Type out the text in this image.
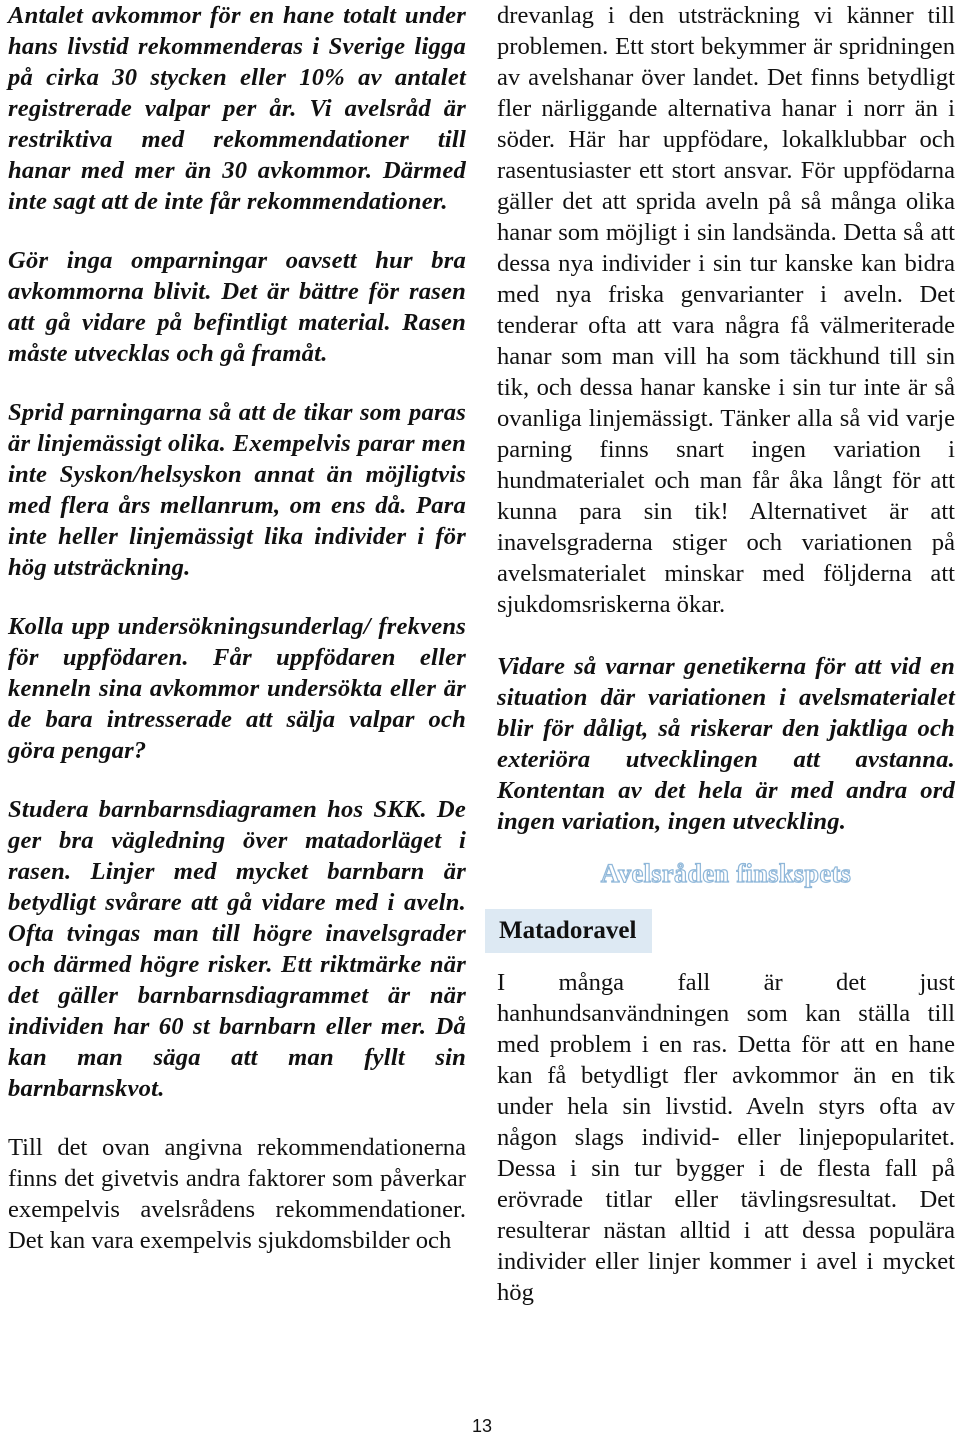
Antalet avkommor för en hane totalt under hans livstid rekommenderas i Sverige ligga på cirka 30 stycken eller 10% av antalet registrerade valpar per år. Vi avelsråd är restriktiva med rekommendationer till hanar med mer än 30 avkommor. Därmed inte sagt att de inte får rekommendationer.

Gör inga omparningar oavsett hur bra avkommorna blivit. Det är bättre för rasen att gå vidare på befintligt material. Rasen måste utvecklas och gå framåt.

Sprid parningarna så att de tikar som paras är linjemässigt olika. Exempelvis parar men inte Syskon/helsyskon annat än möjligtvis med flera års mellanrum, om ens då. Para inte heller linjemässigt lika individer i för hög utsträckning.

Kolla upp undersökningsunderlag/ frekvens för uppfödaren. Får uppfödaren eller kenneln sina avkommor undersökta eller är de bara intresserade att sälja valpar och göra pengar?

Studera barnbarnsdiagramen hos SKK. De ger bra vägledning över matadorläget i rasen. Linjer med mycket barnbarn är betydligt svårare att gå vidare med i aveln. Ofta tvingas man till högre inavelsgrader och därmed högre risker. Ett riktmärke när det gäller barnbarnsdiagrammet är när individen har 60 st barnbarn eller mer. Då kan man säga att man fyllt sin barnbarnskvot.

Till det ovan angivna rekommendationerna finns det givetvis andra faktorer som påverkar exempelvis avelsrådens rekommendationer. Det kan vara exempelvis sjukdomsbilder och

drevanlag i den utsträckning vi känner till problemen. Ett stort bekymmer är spridningen av avelshanar över landet. Det finns betydligt fler närliggande alternativa hanar i norr än i söder. Här har uppfödare, lokalklubbar och rasentusiaster ett stort ansvar. För uppfödarna gäller det att sprida aveln på så många olika hanar som möjligt i sin landsända. Detta så att dessa nya individer i sin tur kanske kan bidra med nya friska genvarianter i aveln. Det tenderar ofta att vara några få välmeriterade hanar som man vill ha som täckhund till sin tik, och dessa hanar kanske i sin tur inte är så ovanliga linjemässigt. Tänker alla så vid varje parning finns snart ingen variation i hundmaterialet och man får åka långt för att kunna para sin tik! Alternativet är att inavelsgraderna stiger och variationen på avelsmaterialet minskar med följderna att sjukdomsriskerna ökar.

Vidare så varnar genetikerna för att vid en situation där variationen i avelsmaterialet blir för dåligt, så riskerar den jaktliga och exteriöra utvecklingen att avstanna. Kontentan av det hela är med andra ord ingen variation, ingen utveckling.

Avelsråden finskspets
Matadoravel

I många fall är det just hanhundsanvändningen som kan ställa till med problem i en ras. Detta för att en hane kan få betydligt fler avkommor än en tik under hela sin livstid. Aveln styrs ofta av någon slags individ- eller linjepopularitet. Dessa i sin tur bygger i de flesta fall på erövrade titlar eller tävlingsresultat. Det resulterar nästan alltid i att dessa populära individer eller linjer kommer i avel i mycket hög

13
